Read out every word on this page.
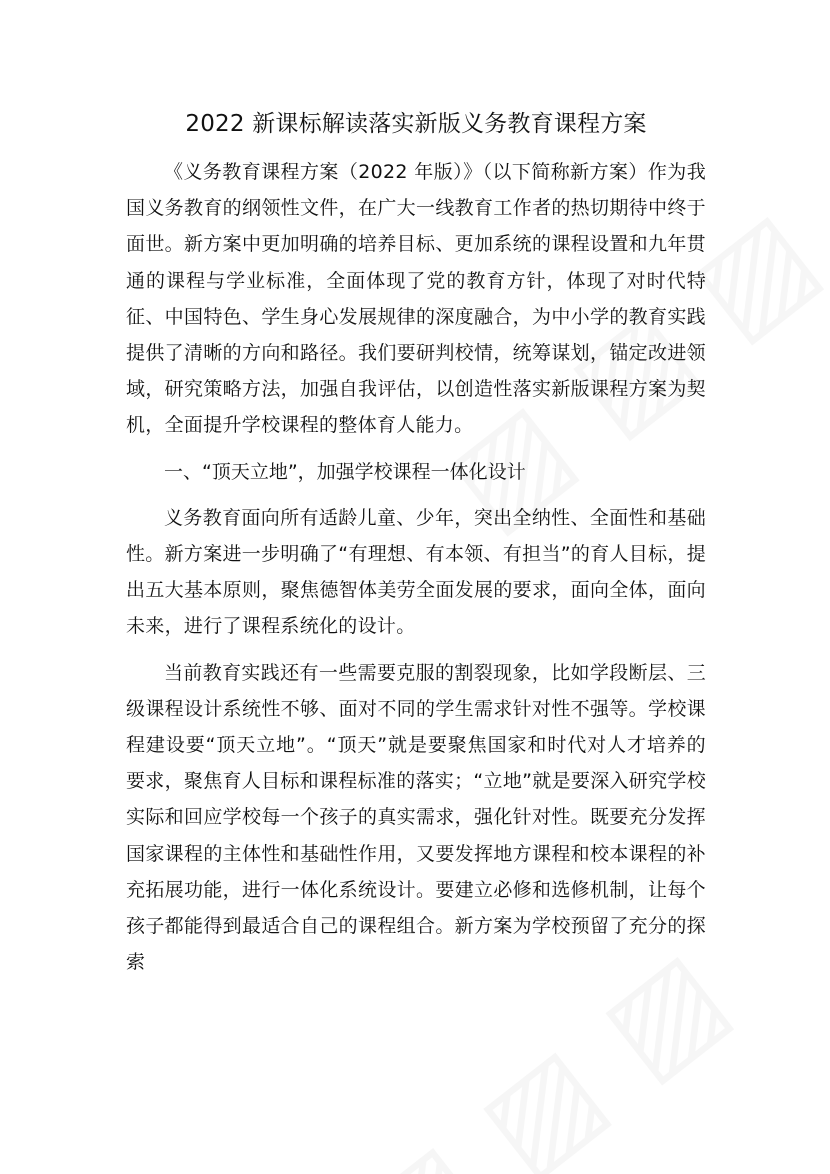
2022 新课标解读落实新版义务教育课程方案

《义务教育课程方案（2022 年版）》（以下简称新方案）作为我国义务教育的纲领性文件，在广大一线教育工作者的热切期待中终于面世。新方案中更加明确的培养目标、更加系统的课程设置和九年贯通的课程与学业标准，全面体现了党的教育方针，体现了对时代特征、中国特色、学生身心发展规律的深度融合，为中小学的教育实践提供了清晰的方向和路径。我们要研判校情，统筹谋划，锚定改进领域，研究策略方法，加强自我评估，以创造性落实新版课程方案为契机，全面提升学校课程的整体育人能力。

一、“顶天立地”，加强学校课程一体化设计

义务教育面向所有适龄儿童、少年，突出全纳性、全面性和基础性。新方案进一步明确了“有理想、有本领、有担当”的育人目标，提出五大基本原则，聚焦德智体美劳全面发展的要求，面向全体，面向未来，进行了课程系统化的设计。

当前教育实践还有一些需要克服的割裂现象，比如学段断层、三级课程设计系统性不够、面对不同的学生需求针对性不强等。学校课程建设要“顶天立地”。“顶天”就是要聚焦国家和时代对人才培养的要求，聚焦育人目标和课程标准的落实；“立地”就是要深入研究学校实际和回应学校每一个孩子的真实需求，强化针对性。既要充分发挥国家课程的主体性和基础性作用，又要发挥地方课程和校本课程的补充拓展功能，进行一体化系统设计。要建立必修和选修机制，让每个孩子都能得到最适合自己的课程组合。新方案为学校预留了充分的探索
